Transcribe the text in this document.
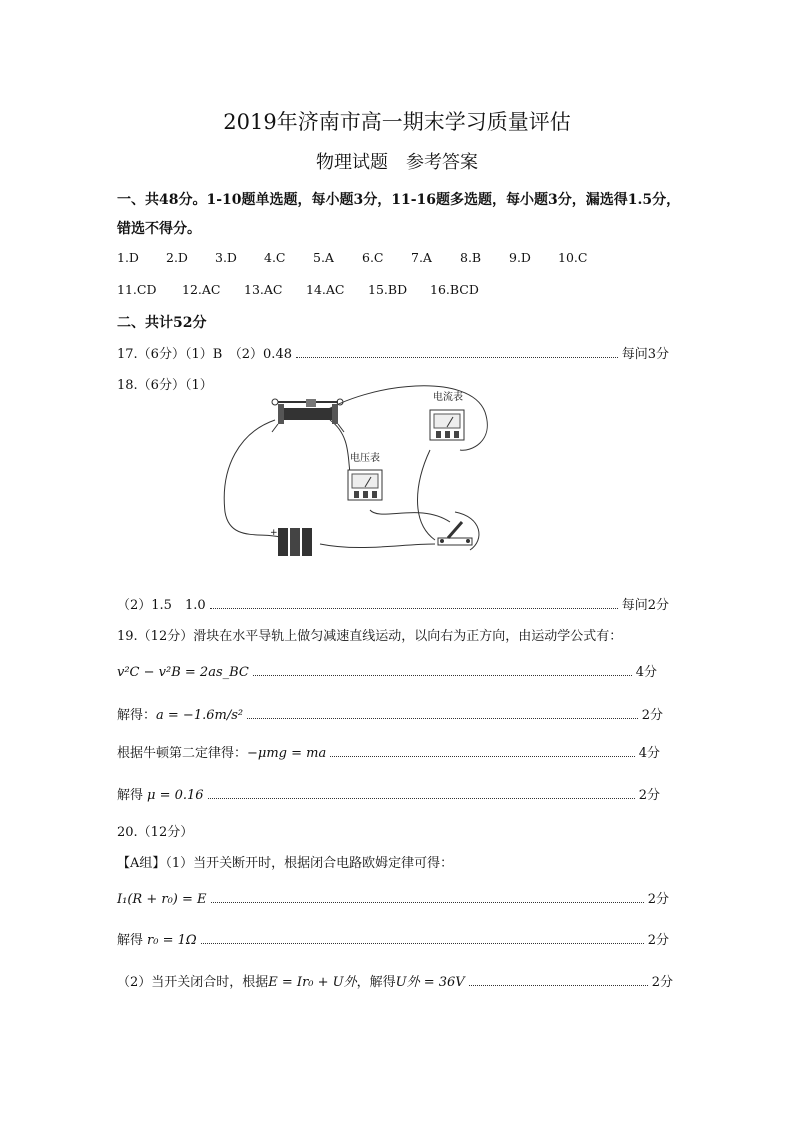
2019年济南市高一期末学习质量评估
物理试题　参考答案
一、共48分。1-10题单选题，每小题3分，11-16题多选题，每小题3分，漏选得1.5分，
错选不得分。
1.D 2.D 3.D 4.C 5.A 6.C 7.A 8.B 9.D 10.C
11.CD 12.AC 13.AC 14.AC 15.BD 16.BCD
二、共计52分
17.（6分）（1）B　（2）0.48	每问3分
18.（6分）（1）
电流表
电压表
+
（2）1.5　1.0	每问2分
19.（12分）滑块在水平导轨上做匀减速直线运动，以向右为正方向，由运动学公式有：
v²C − v²B = 2as_BC	4分
解得： a = −1.6m/s²	2分
根据牛顿第二定律得： −μmg = ma	4分
解得 μ = 0.16	2分
20.（12分）
【A组】（1）当开关断开时，根据闭合电路欧姆定律可得：
I₁(R + r₀) = E	2分
解得 r₀ = 1Ω	2分
（2）当开关闭合时，根据 E = Ir₀ + U外 ，解得 U外 = 36V	2分
